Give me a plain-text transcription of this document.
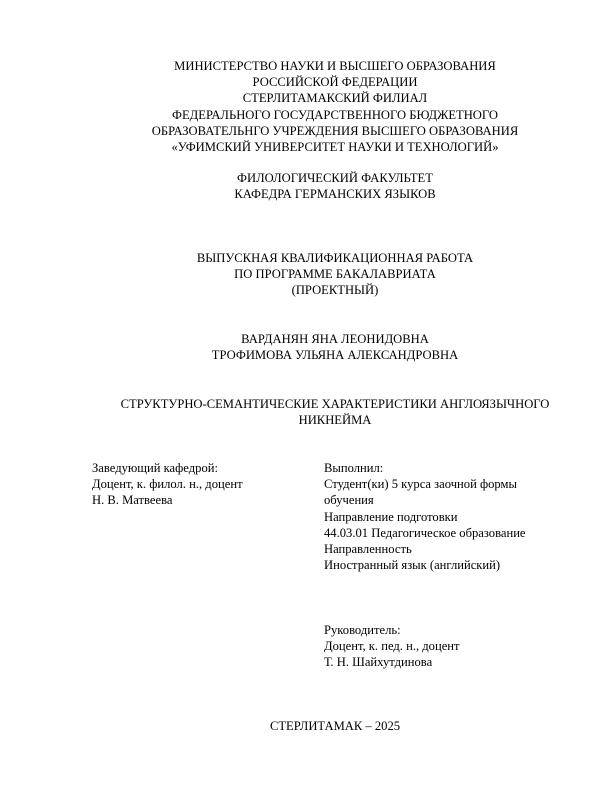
МИНИСТЕРСТВО НАУКИ И ВЫСШЕГО ОБРАЗОВАНИЯ
РОССИЙСКОЙ ФЕДЕРАЦИИ
СТЕРЛИТАМАКСКИЙ ФИЛИАЛ
ФЕДЕРАЛЬНОГО ГОСУДАРСТВЕННОГО БЮДЖЕТНОГО
ОБРАЗОВАТЕЛЬНГО УЧРЕЖДЕНИЯ ВЫСШЕГО ОБРАЗОВАНИЯ
«УФИМСКИЙ УНИВЕРСИТЕТ НАУКИ И ТЕХНОЛОГИЙ»
ФИЛОЛОГИЧЕСКИЙ ФАКУЛЬТЕТ
КАФЕДРА ГЕРМАНСКИХ ЯЗЫКОВ
ВЫПУСКНАЯ КВАЛИФИКАЦИОННАЯ РАБОТА
ПО ПРОГРАММЕ БАКАЛАВРИАТА
(ПРОЕКТНЫЙ)
ВАРДАНЯН ЯНА ЛЕОНИДОВНА
ТРОФИМОВА УЛЬЯНА АЛЕКСАНДРОВНА
СТРУКТУРНО-СЕМАНТИЧЕСКИЕ ХАРАКТЕРИСТИКИ АНГЛОЯЗЫЧНОГО
НИКНЕЙМА
Заведующий кафедрой:
Доцент, к. филол. н., доцент
Н. В. Матвеева
Выполнил:
Студент(ки) 5 курса заочной формы
обучения
Направление подготовки
44.03.01 Педагогическое образование
Направленность
Иностранный язык (английский)
Руководитель:
Доцент, к. пед. н., доцент
Т. Н. Шайхутдинова
СТЕРЛИТАМАК – 2025
